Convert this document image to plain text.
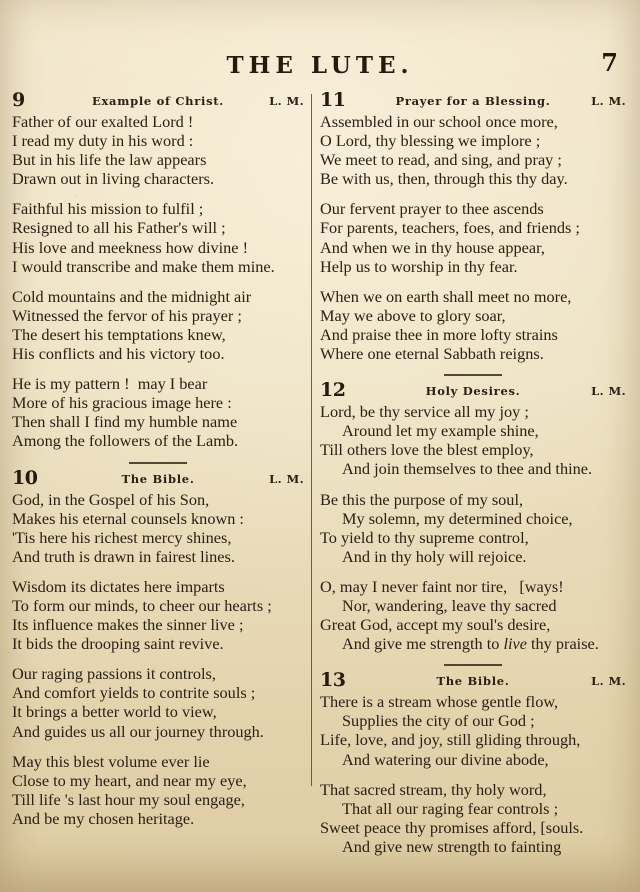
THE LUTE.	7
9	Example of Christ.	L. M.
Father of our exalted Lord !
I read my duty in his word :
But in his life the law appears
Drawn out in living characters.
Faithful his mission to fulfil ;
Resigned to all his Father's will ;
His love and meekness how divine !
I would transcribe and make them mine.
Cold mountains and the midnight air
Witnessed the fervor of his prayer ;
The desert his temptations knew,
His conflicts and his victory too.
He is my pattern !  may I bear
More of his gracious image here :
Then shall I find my humble name
Among the followers of the Lamb.
10	The Bible.	L. M.
God, in the Gospel of his Son,
Makes his eternal counsels known :
'Tis here his richest mercy shines,
And truth is drawn in fairest lines.
Wisdom its dictates here imparts
To form our minds, to cheer our hearts ;
Its influence makes the sinner live ;
It bids the drooping saint revive.
Our raging passions it controls,
And comfort yields to contrite souls ;
It brings a better world to view,
And guides us all our journey through.
May this blest volume ever lie
Close to my heart, and near my eye,
Till life 's last hour my soul engage,
And be my chosen heritage.
11	Prayer for a Blessing.	L. M.
Assembled in our school once more,
O Lord, thy blessing we implore ;
We meet to read, and sing, and pray ;
Be with us, then, through this thy day.
Our fervent prayer to thee ascends
For parents, teachers, foes, and friends ;
And when we in thy house appear,
Help us to worship in thy fear.
When we on earth shall meet no more,
May we above to glory soar,
And praise thee in more lofty strains
Where one eternal Sabbath reigns.
12	Holy Desires.	L. M.
Lord, be thy service all my joy ;
Around let my example shine,
Till others love the blest employ,
And join themselves to thee and thine.
Be this the purpose of my soul,
My solemn, my determined choice,
To yield to thy supreme control,
And in thy holy will rejoice.
O, may I never faint nor tire,   [ways!
Nor, wandering, leave thy sacred
Great God, accept my soul's desire,
And give me strength to live thy praise.
13	The Bible.	L. M.
There is a stream whose gentle flow,
Supplies the city of our God ;
Life, love, and joy, still gliding through,
And watering our divine abode,
That sacred stream, thy holy word,
That all our raging fear controls ;
Sweet peace thy promises afford, [souls.
And give new strength to fainting
